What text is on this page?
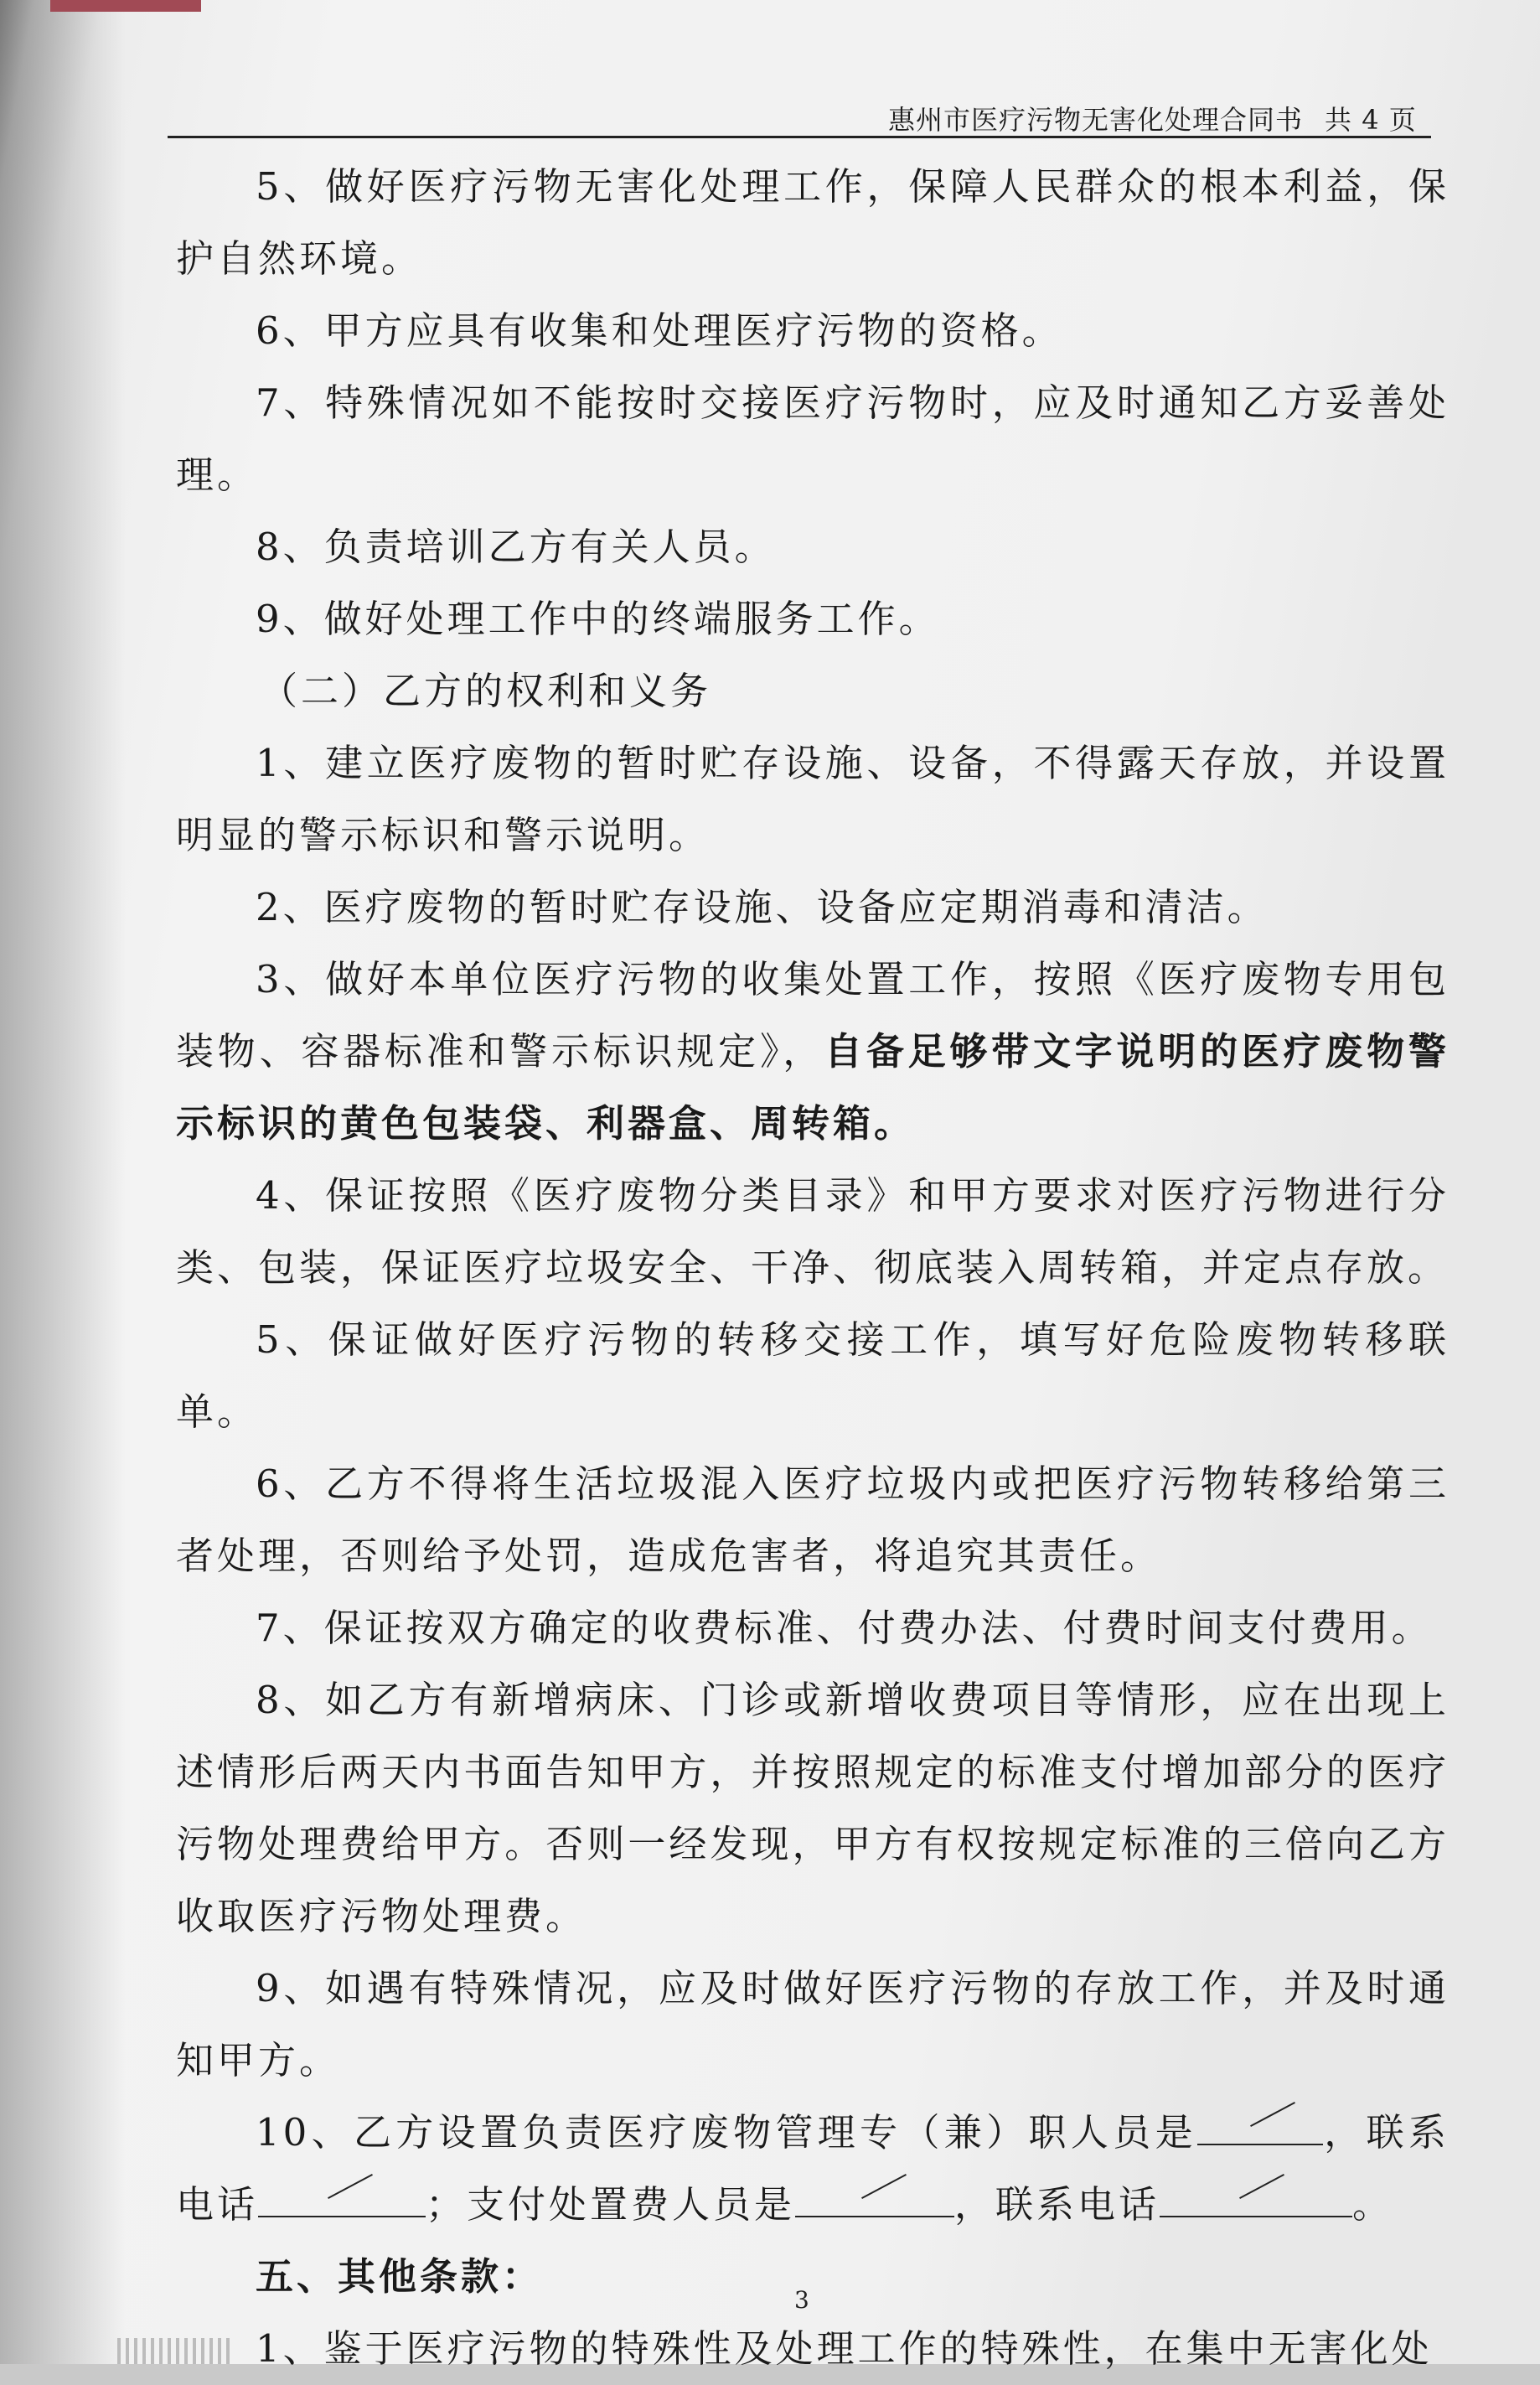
惠州市医疗污物无害化处理合同书 共 4 页

5、做好医疗污物无害化处理工作，保障人民群众的根本利益，保护自然环境。

6、甲方应具有收集和处理医疗污物的资格。

7、特殊情况如不能按时交接医疗污物时，应及时通知乙方妥善处理。

8、负责培训乙方有关人员。

9、做好处理工作中的终端服务工作。

（二）乙方的权利和义务

1、建立医疗废物的暂时贮存设施、设备，不得露天存放，并设置明显的警示标识和警示说明。

2、医疗废物的暂时贮存设施、设备应定期消毒和清洁。

3、做好本单位医疗污物的收集处置工作，按照《医疗废物专用包装物、容器标准和警示标识规定》，自备足够带文字说明的医疗废物警示标识的黄色包装袋、利器盒、周转箱。

4、保证按照《医疗废物分类目录》和甲方要求对医疗污物进行分类、包装，保证医疗垃圾安全、干净、彻底装入周转箱，并定点存放。

5、保证做好医疗污物的转移交接工作，填写好危险废物转移联单。

6、乙方不得将生活垃圾混入医疗垃圾内或把医疗污物转移给第三者处理，否则给予处罚，造成危害者，将追究其责任。

7、保证按双方确定的收费标准、付费办法、付费时间支付费用。

8、如乙方有新增病床、门诊或新增收费项目等情形，应在出现上述情形后两天内书面告知甲方，并按照规定的标准支付增加部分的医疗污物处理费给甲方。否则一经发现，甲方有权按规定标准的三倍向乙方收取医疗污物处理费。

9、如遇有特殊情况，应及时做好医疗污物的存放工作，并及时通知甲方。

10、乙方设置负责医疗废物管理专（兼）职人员是	，联系电话	；支付处置费人员是	，联系电话	。

五、其他条款：

1、鉴于医疗污物的特殊性及处理工作的特殊性，在集中无害化处

3
